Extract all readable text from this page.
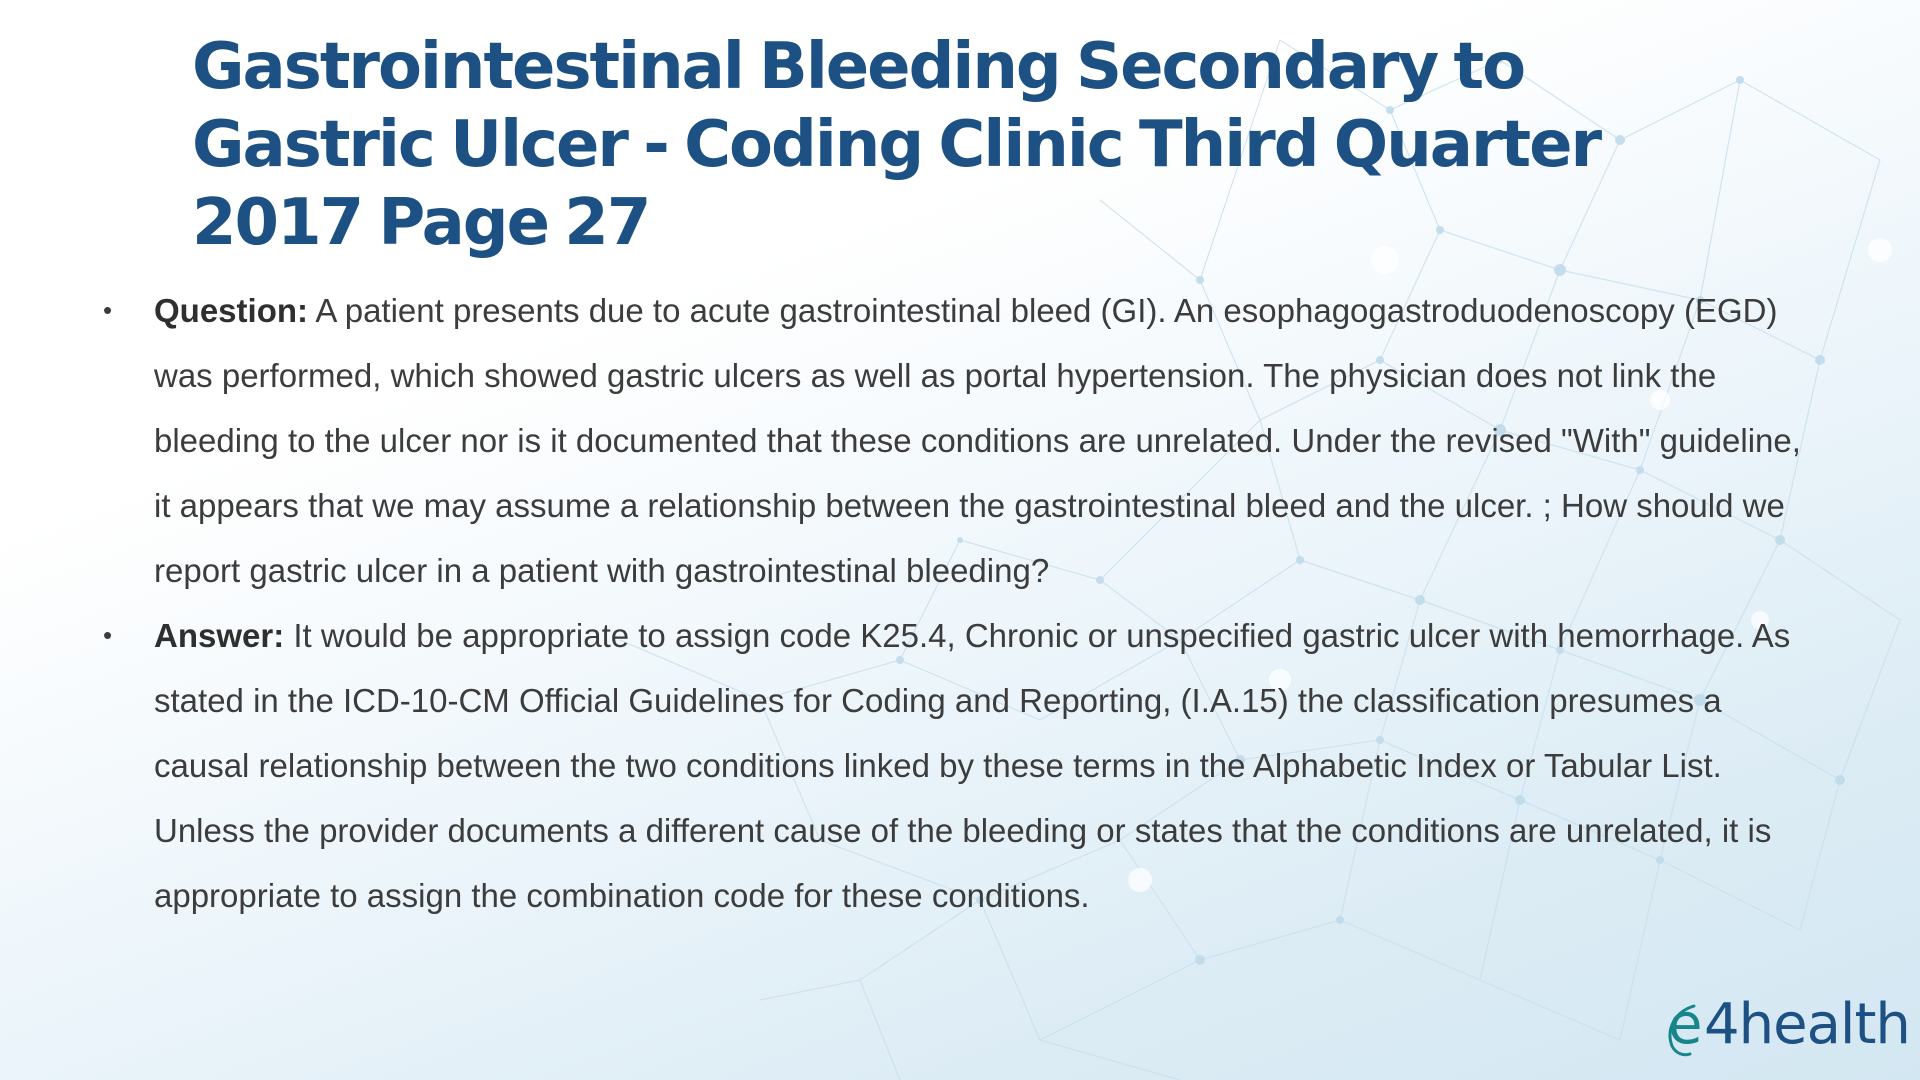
Gastrointestinal Bleeding Secondary to Gastric Ulcer - Coding Clinic Third Quarter 2017 Page 27
• Question: A patient presents due to acute gastrointestinal bleed (GI). An esophagogastroduodenoscopy (EGD) was performed, which showed gastric ulcers as well as portal hypertension. The physician does not link the bleeding to the ulcer nor is it documented that these conditions are unrelated. Under the revised "With" guideline, it appears that we may assume a relationship between the gastrointestinal bleed and the ulcer. ; How should we report gastric ulcer in a patient with gastrointestinal bleeding?
• Answer: It would be appropriate to assign code K25.4, Chronic or unspecified gastric ulcer with hemorrhage. As stated in the ICD-10-CM Official Guidelines for Coding and Reporting, (I.A.15) the classification presumes a causal relationship between the two conditions linked by these terms in the Alphabetic Index or Tabular List. Unless the provider documents a different cause of the bleeding or states that the conditions are unrelated, it is appropriate to assign the combination code for these conditions.
e 4health
